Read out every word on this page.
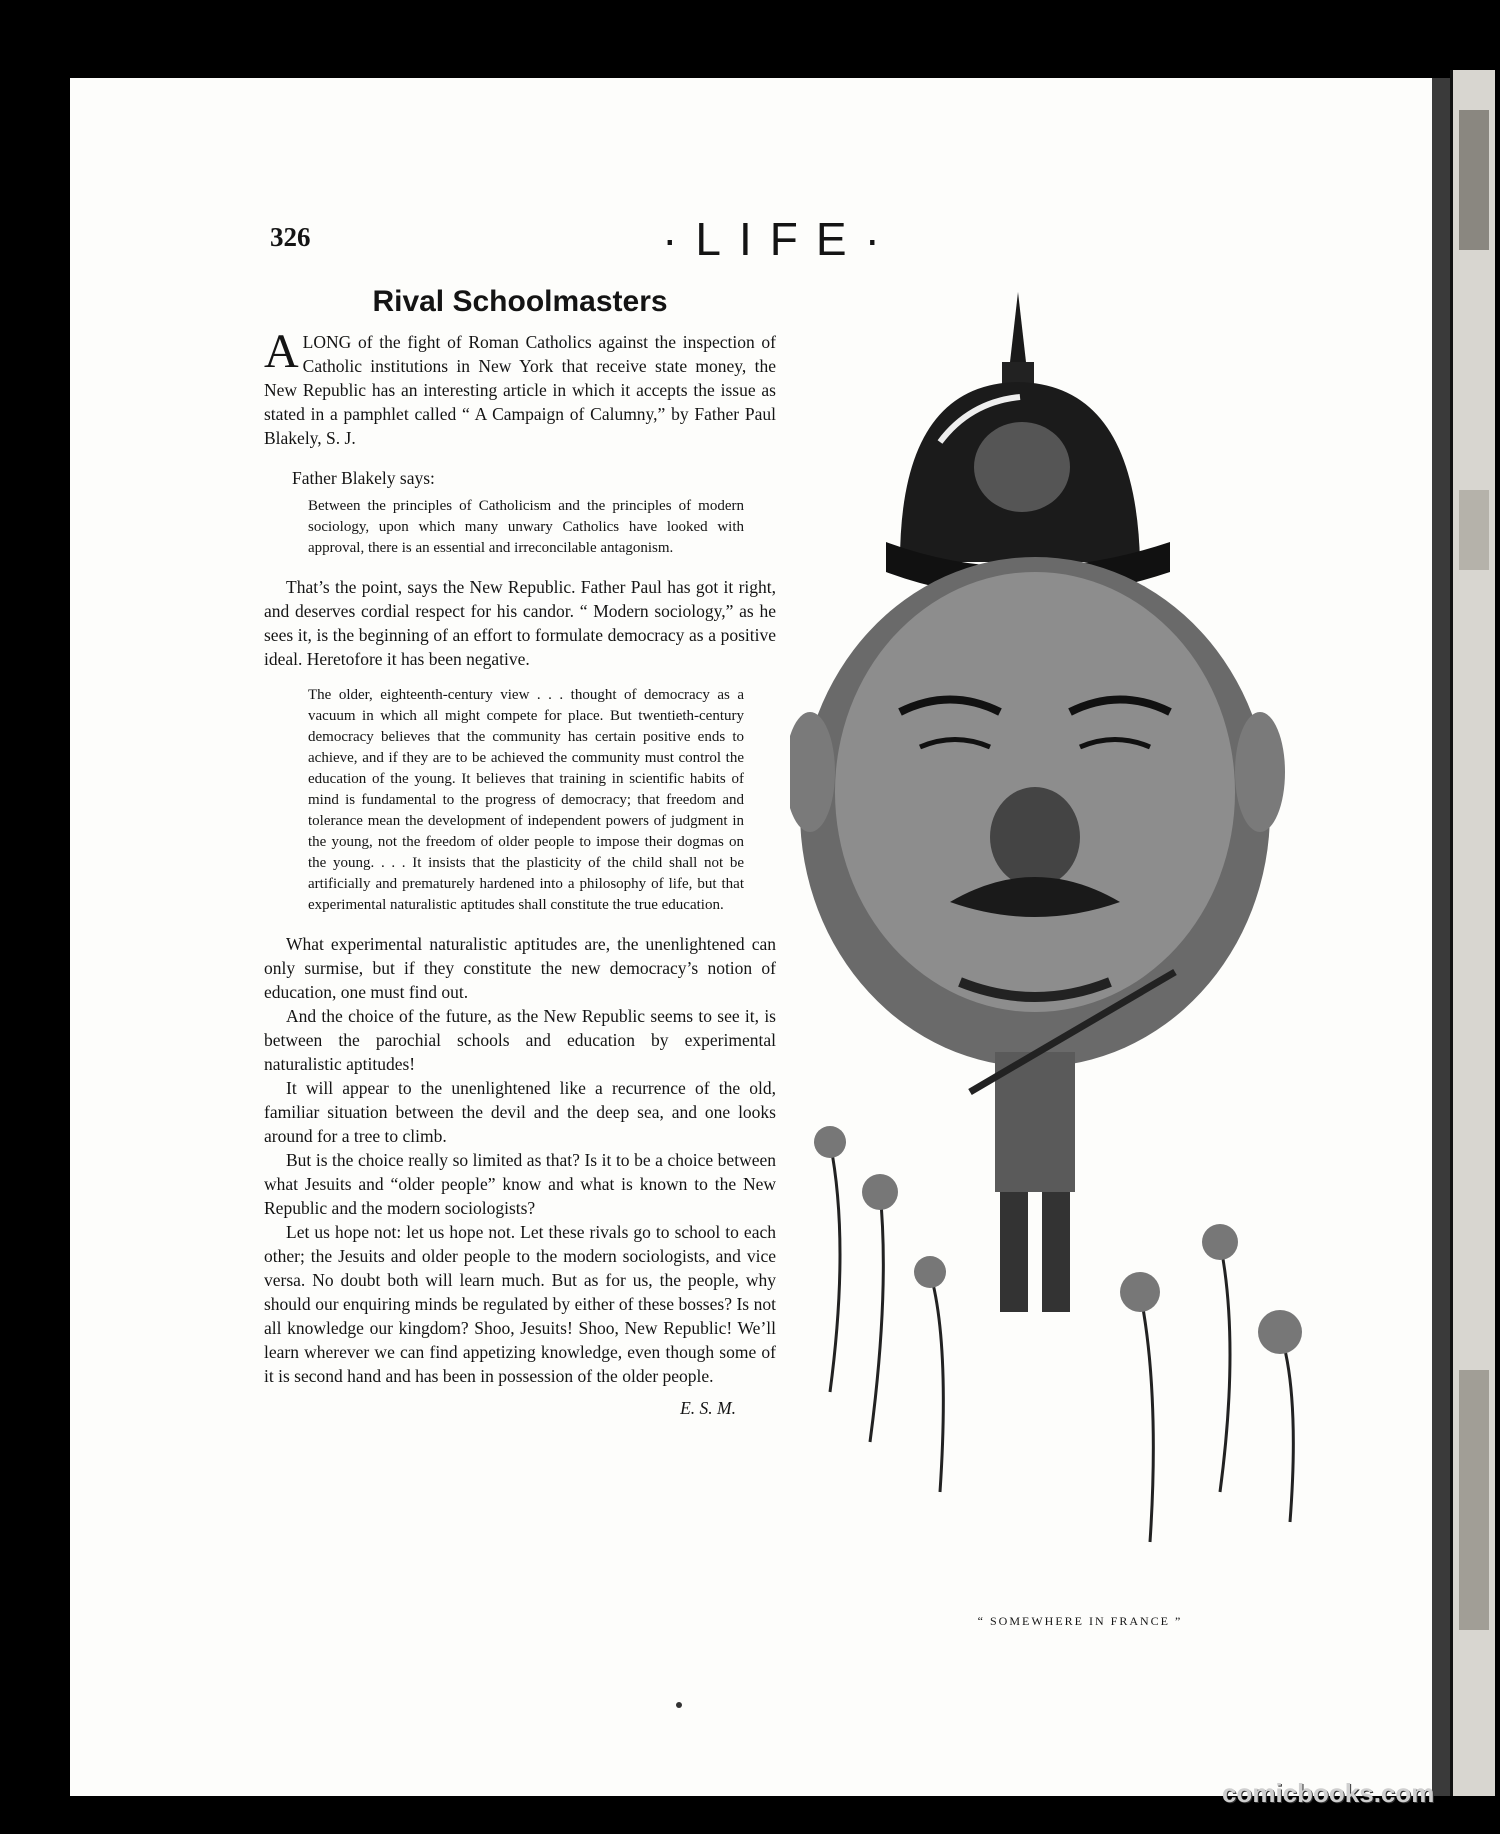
326	·LIFE·
Rival Schoolmasters

ALONG of the fight of Roman Catholics against the inspection of Catholic institutions in New York that receive state money, the New Republic has an interesting article in which it accepts the issue as stated in a pamphlet called “ A Campaign of Calumny,” by Father Paul Blakely, S. J.

Father Blakely says:

Between the principles of Catholicism and the principles of modern sociology, upon which many unwary Catholics have looked with approval, there is an essential and irreconcilable antagonism.

That’s the point, says the New Republic. Father Paul has got it right, and deserves cordial respect for his candor. “ Modern sociology,” as he sees it, is the beginning of an effort to formulate democracy as a positive ideal. Heretofore it has been negative.

The older, eighteenth-century view . . . thought of democracy as a vacuum in which all might compete for place. But twentieth-century democracy believes that the community has certain positive ends to achieve, and if they are to be achieved the community must control the education of the young. It believes that training in scientific habits of mind is fundamental to the progress of democracy; that freedom and tolerance mean the development of independent powers of judgment in the young, not the freedom of older people to impose their dogmas on the young. . . . It insists that the plasticity of the child shall not be artificially and prematurely hardened into a philosophy of life, but that experimental naturalistic aptitudes shall constitute the true education.

What experimental naturalistic aptitudes are, the unenlightened can only surmise, but if they constitute the new democracy’s notion of education, one must find out.

And the choice of the future, as the New Republic seems to see it, is between the parochial schools and education by experimental naturalistic aptitudes!

It will appear to the unenlightened like a recurrence of the old, familiar situation between the devil and the deep sea, and one looks around for a tree to climb.

But is the choice really so limited as that? Is it to be a choice between what Jesuits and “older people” know and what is known to the New Republic and the modern sociologists?

Let us hope not: let us hope not. Let these rivals go to school to each other; the Jesuits and older people to the modern sociologists, and vice versa. No doubt both will learn much. But as for us, the people, why should our enquiring minds be regulated by either of these bosses? Is not all knowledge our kingdom? Shoo, Jesuits! Shoo, New Republic! We’ll learn wherever we can find appetizing knowledge, even though some of it is second hand and has been in possession of the older people.

E. S. M.

“ SOMEWHERE IN FRANCE ”
comicbooks.com
